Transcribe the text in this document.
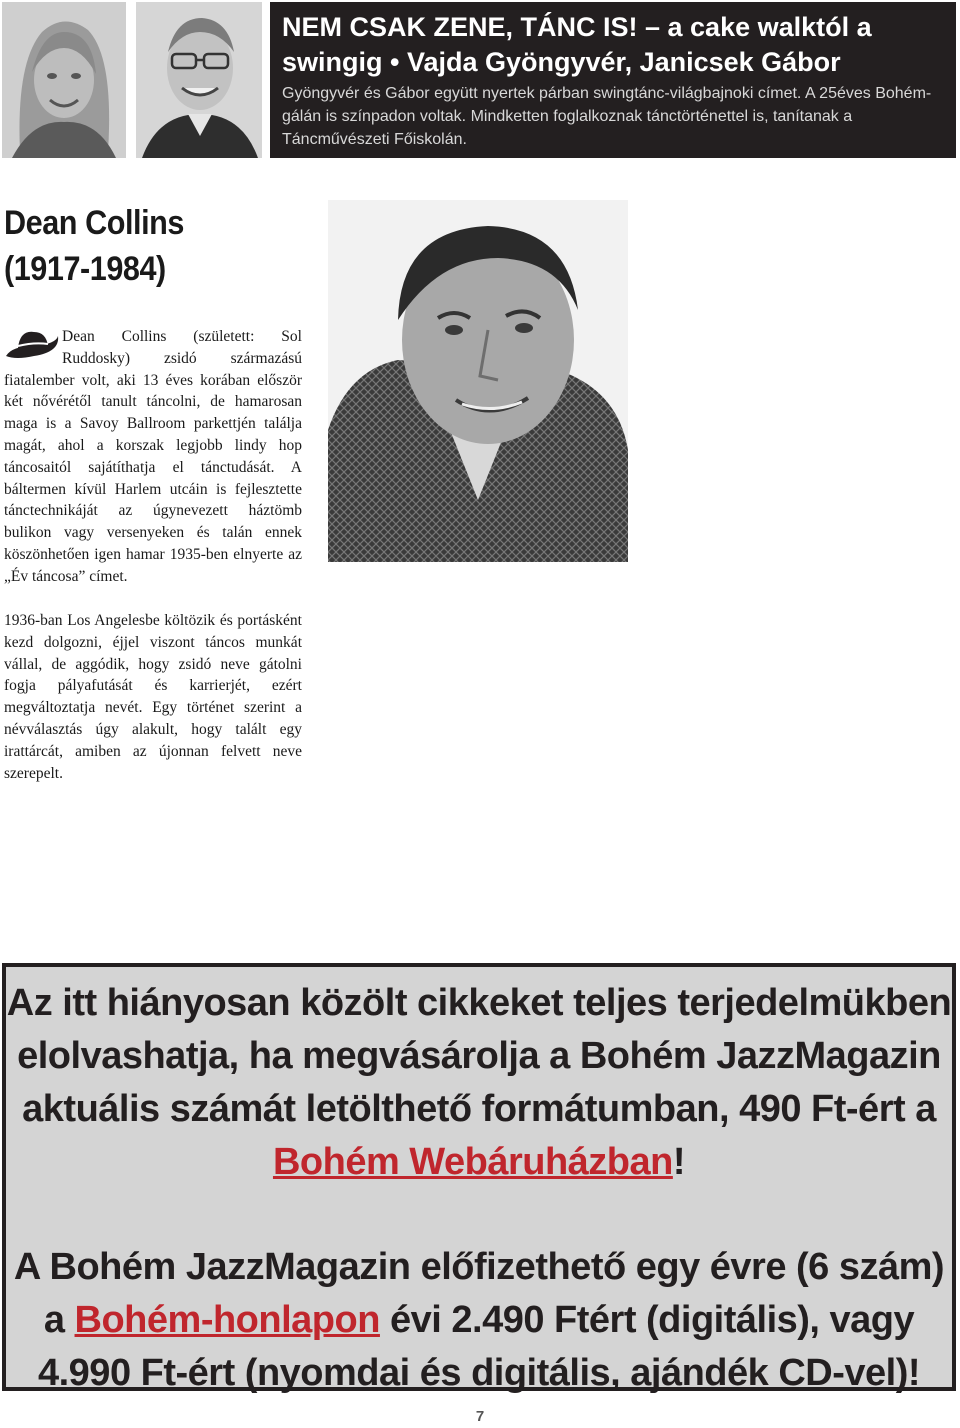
NEM CSAK ZENE, TÁNC IS! – a cake walktól a swingig • Vajda Gyöngyvér, Janicsek Gábor

Gyöngyvér és Gábor együtt nyertek párban swingtánc-világbajnoki címet. A 25éves Bohém-gálán is színpadon voltak. Mindketten foglalkoznak tánctörténettel is, tanítanak a Táncművészeti Főiskolán.

Dean Collins
(1917-1984)

Dean Collins (született: Sol Ruddosky) zsidó származású fiatalember volt, aki 13 éves korában először két nővérétől tanult táncolni, de hamarosan maga is a Savoy Ballroom parkettjén találja magát, ahol a korszak legjobb lindy hop táncosaitól sajátíthatja el tánctudását. A báltermen kívül Harlem utcáin is fejlesztette tánctechnikáját az úgynevezett háztömb bulikon vagy versenyeken és talán ennek köszönhetően igen hamar 1935-ben elnyerte az „Év táncosa” címet.

1936-ban Los Angelesbe költözik és portásként kezd dolgozni, éjjel viszont táncos munkát vállal, de aggódik, hogy zsidó neve gátolni fogja pályafutását és karrierjét, ezért megváltoztatja nevét. Egy történet szerint a névválasztás úgy alakult, hogy talált egy irattárcát, amiben az újonnan felvett neve szerepelt.

Az itt hiányosan közölt cikkeket teljes terjedelmükben elolvashatja, ha megvásárolja a Bohém JazzMagazin aktuális számát letölthető formátumban, 490 Ft-ért a Bohém Webáruházban!

A Bohém JazzMagazin előfizethető egy évre (6 szám) a Bohém-honlapon évi 2.490 Ftért (digitális), vagy 4.990 Ft-ért (nyomdai és digitális, ajándék CD-vel)!

7
